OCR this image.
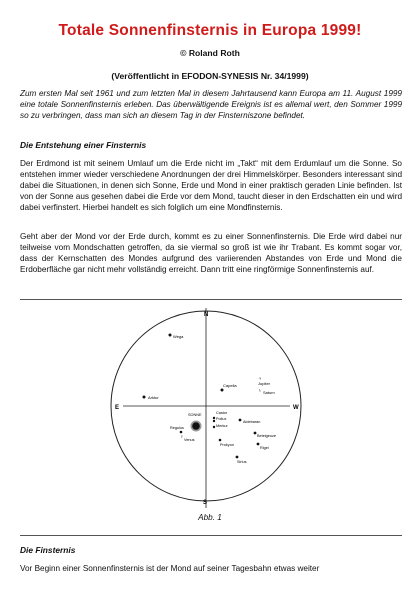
Totale Sonnenfinsternis in Europa 1999!
© Roland Roth
(Veröffentlicht in EFODON-SYNESIS Nr. 34/1999)
Zum ersten Mal seit 1961 und zum letzten Mal in diesem Jahrtausend kann Europa am 11. August 1999 eine totale Sonnenfinsternis erleben. Das überwältigende Ereignis ist es allemal wert, den Sommer 1999 so zu verbringen, dass man sich an diesem Tag in der Finsterniszone befindet.
Die Entstehung einer Finsternis
Der Erdmond ist mit seinem Umlauf um die Erde nicht im „Takt“ mit dem Erdumlauf um die Sonne. So entstehen immer wieder verschiedene Anordnungen der drei Himmelskörper. Besonders interessant sind dabei die Situationen, in denen sich Sonne, Erde und Mond in einer praktisch geraden Linie befinden. Ist von der Sonne aus gesehen dabei die Erde vor dem Mond, taucht dieser in den Erdschatten ein und wird dabei verfinstert. Hierbei handelt es sich folglich um eine Mondfinsternis.
Geht aber der Mond vor der Erde durch, kommt es zu einer Sonnenfinsternis. Die Erde wird dabei nur teilweise vom Mondschatten getroffen, da sie viermal so groß ist wie ihr Trabant. Es kommt sogar vor, dass der Kernschatten des Mondes aufgrund des variierenden Abstandes von Erde und Mond die Erdoberfläche gar nicht mehr vollständig erreicht. Dann tritt eine ringförmige Sonnenfinsternis auf.
N
S
E	W
Wega
Arktur
Capella
♃
Jupiter
♄ Saturn
SONNE	Castor
Pollux
Merkur
Aldebaran
Regulus
♀ Venus
Prokyon
Beteigeuze
Rigel
Sirius
Abb. 1
Die Finsternis
Vor Beginn einer Sonnenfinsternis ist der Mond auf seiner Tagesbahn etwas weiter
